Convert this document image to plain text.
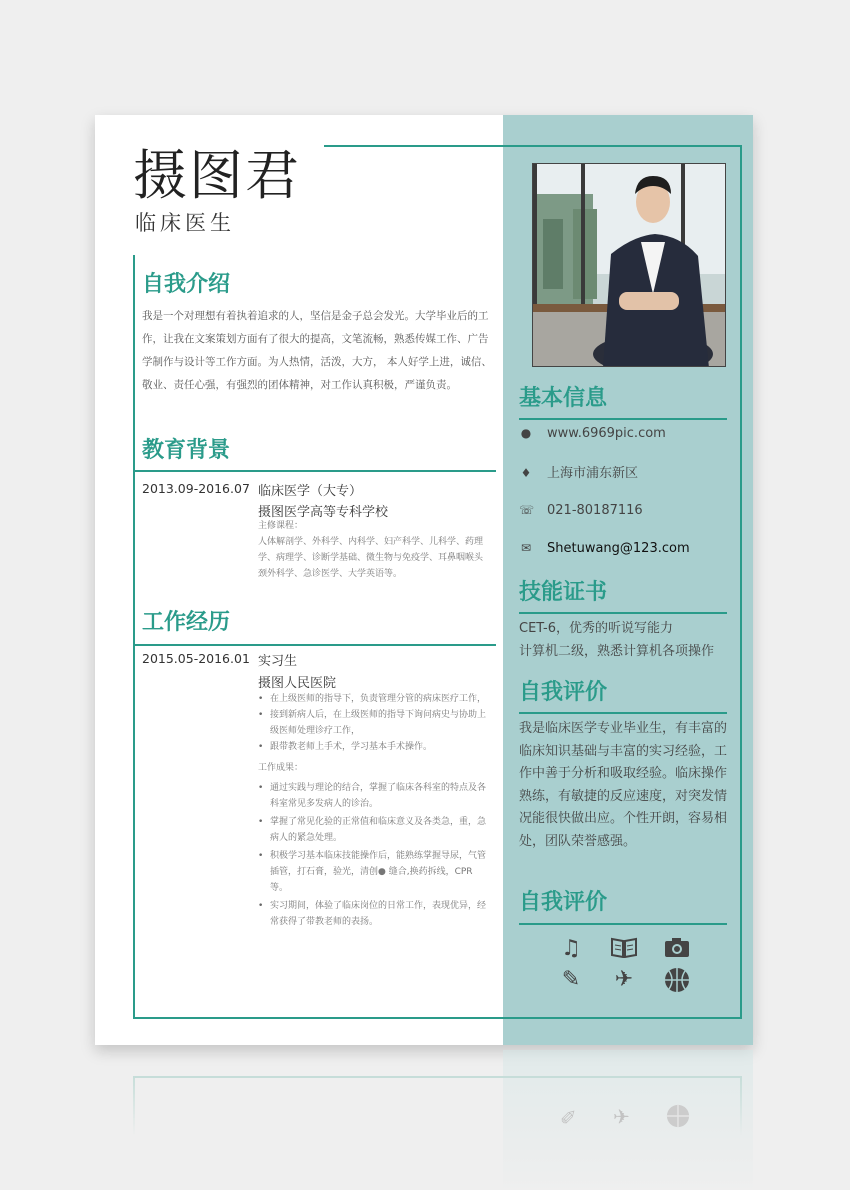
摄图君
临床医生
自我介绍
我是一个对理想有着执着追求的人，坚信是金子总会发光。大学毕业后的工作，让我在文案策划方面有了很大的提高，文笔流畅，熟悉传媒工作、广告学制作与设计等工作方面。为人热情，活泼，大方， 本人好学上进，诚信、敬业、责任心强，有强烈的团体精神，对工作认真积极，严谨负责。
教育背景
2013.09-2016.07 临床医学（大专）
摄图医学高等专科学校
主修课程：
人体解剖学、外科学、内科学、妇产科学、儿科学、药理学、病理学、诊断学基础、微生物与免疫学、耳鼻咽喉头颈外科学、急诊医学、大学英语等。
工作经历
2015.05-2016.01 实习生
摄图人民医院
• 在上级医师的指导下，负责管理分管的病床医疗工作，
• 接到新病人后，在上级医师的指导下询问病史与协助上级医师处理诊疗工作，
• 跟带教老师上手术，学习基本手术操作。
工作成果：
• 通过实践与理论的结合，掌握了临床各科室的特点及各科室常见多发病人的诊治。
• 掌握了常见化验的正常值和临床意义及各类急，重，急病人的紧急处理。
• 积极学习基本临床技能操作后，能熟练掌握导尿，气管插管，打石膏，验光，清创● 缝合,换药拆线，CPR等。
• 实习期间，体验了临床岗位的日常工作，表现优异，经常获得了带教老师的表扬。
基本信息
● www.6969pic.com
♦ 上海市浦东新区
☏ 021-80187116
✉ Shetuwang@123.com
技能证书
CET-6，优秀的听说写能力
计算机二级，熟悉计算机各项操作
自我评价
我是临床医学专业毕业生，有丰富的临床知识基础与丰富的实习经验，工作中善于分析和吸取经验。临床操作熟练，有敏捷的反应速度，对突发情况能很快做出应。个性开朗，容易相处，团队荣誉感强。
自我评价
♫
✎ ✈
✎ ✈
